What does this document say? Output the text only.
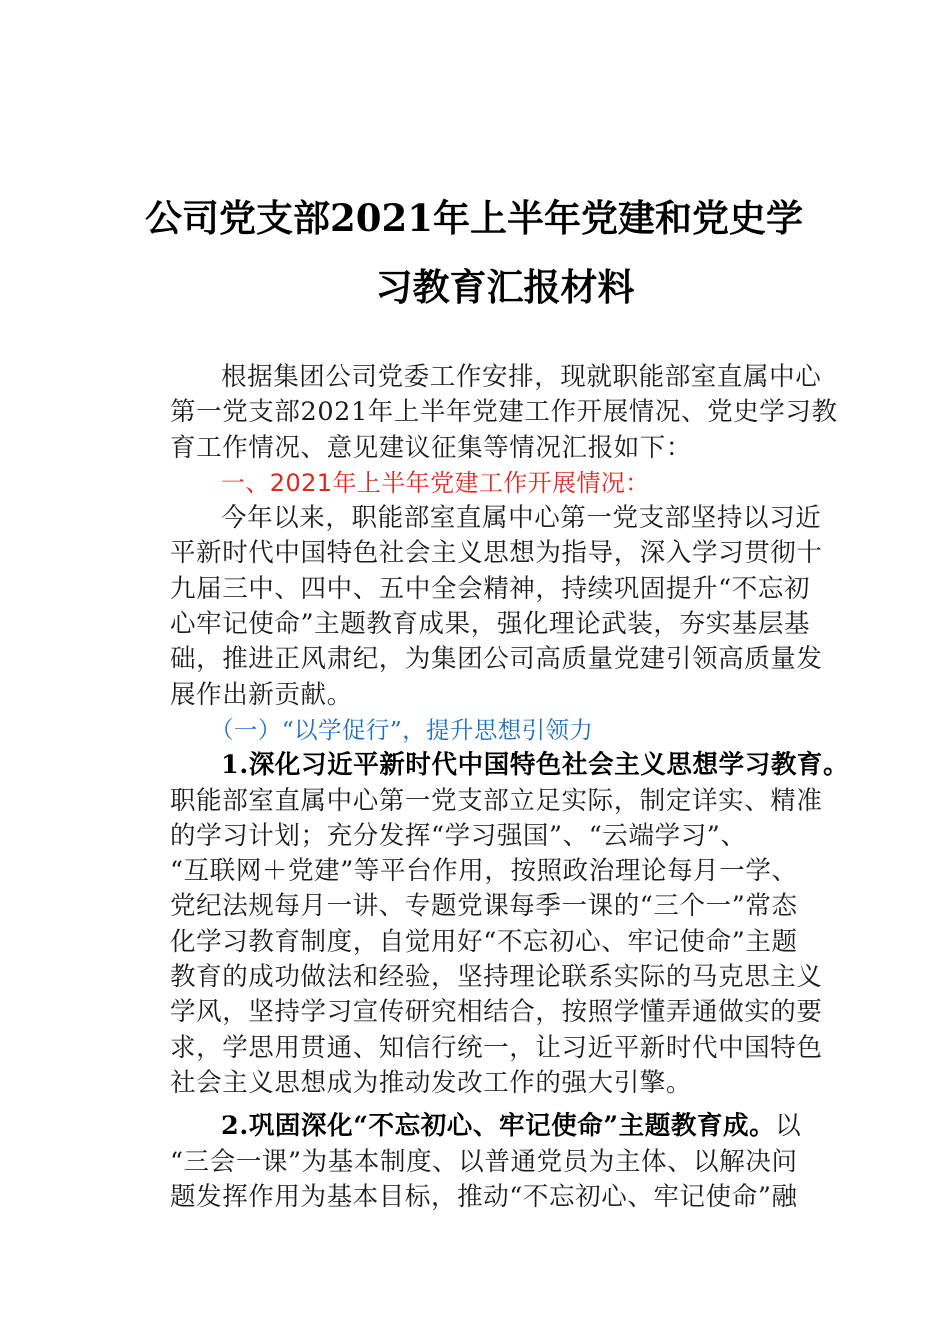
公司党支部2021年上半年党建和党史学
习教育汇报材料
根据集团公司党委工作安排，现就职能部室直属中心
第一党支部2021年上半年党建工作开展情况、党史学习教
育工作情况、意见建议征集等情况汇报如下：
一、2021年上半年党建工作开展情况：
今年以来，职能部室直属中心第一党支部坚持以习近
平新时代中国特色社会主义思想为指导，深入学习贯彻十
九届三中、四中、五中全会精神，持续巩固提升“不忘初
心牢记使命”主题教育成果，强化理论武装，夯实基层基
础，推进正风肃纪，为集团公司高质量党建引领高质量发
展作出新贡献。
（一）“以学促行”，提升思想引领力
1.深化习近平新时代中国特色社会主义思想学习教育。
职能部室直属中心第一党支部立足实际，制定详实、精准
的学习计划；充分发挥“学习强国”、“云端学习”、
“互联网＋党建”等平台作用，按照政治理论每月一学、
党纪法规每月一讲、专题党课每季一课的“三个一”常态
化学习教育制度，自觉用好“不忘初心、牢记使命”主题
教育的成功做法和经验，坚持理论联系实际的马克思主义
学风，坚持学习宣传研究相结合，按照学懂弄通做实的要
求，学思用贯通、知信行统一，让习近平新时代中国特色
社会主义思想成为推动发改工作的强大引擎。
2.巩固深化“不忘初心、牢记使命”主题教育成。以
“三会一课”为基本制度、以普通党员为主体、以解决问
题发挥作用为基本目标，推动“不忘初心、牢记使命”融
